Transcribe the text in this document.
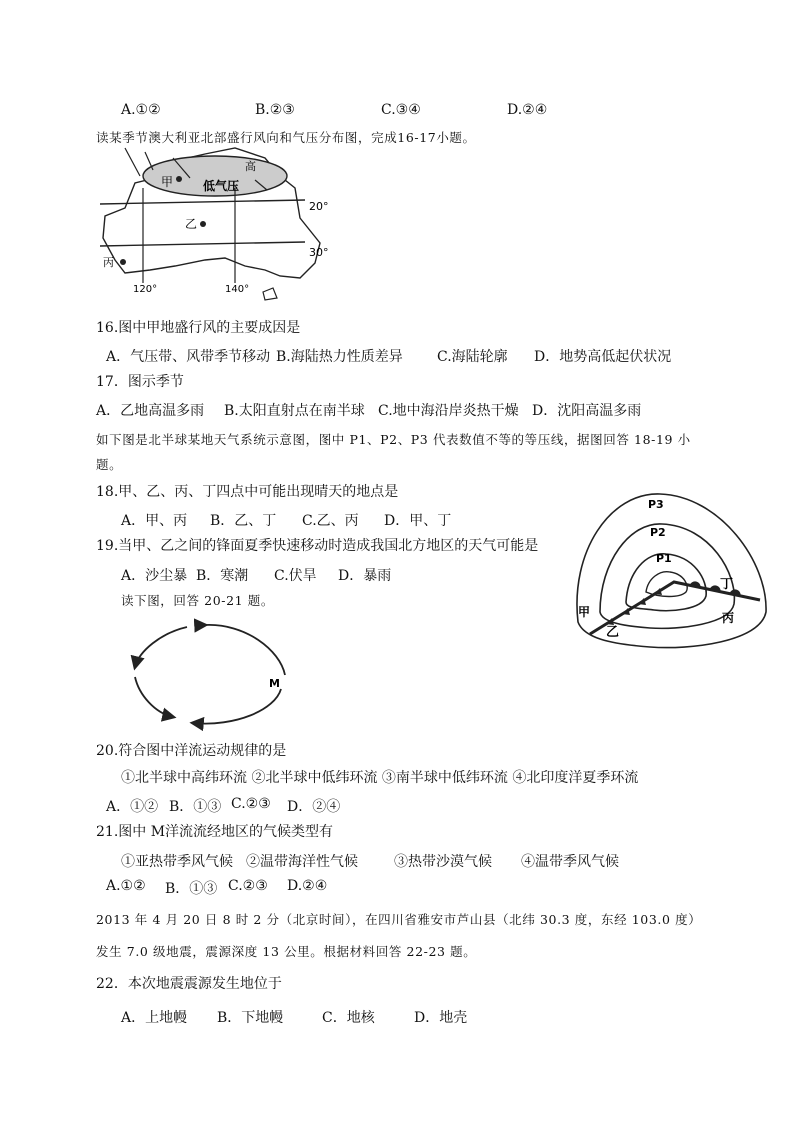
A.①②	B.②③	C.③④	D.②④
读某季节澳大利亚北部盛行风向和气压分布图，完成16-17小题。
甲 低气压
高
乙
丙
20°
30°
120°	140°
16.图中甲地盛行风的主要成因是
A．气压带、风带季节移动 B.海陆热力性质差异 C.海陆轮廓 D．地势高低起伏状况
17．图示季节
A．乙地高温多雨 B.太阳直射点在南半球 C.地中海沿岸炎热干燥 D．沈阳高温多雨
如下图是北半球某地天气系统示意图，图中 P1、P2、P3 代表数值不等的等压线，据图回答 18-19 小
题。
18.甲、乙、丙、丁四点中可能出现晴天的地点是
A．甲、丙 B．乙、丁 C.乙、丙 D．甲、丁
19.当甲、乙之间的锋面夏季快速移动时造成我国北方地区的天气可能是
A．沙尘暴 B．寒潮 C.伏旱 D．暴雨
P3
P2
P1
丁
甲
乙
丙
读下图，回答 20-21 题。
M
20.符合图中洋流运动规律的是
①北半球中高纬环流 ②北半球中低纬环流 ③南半球中低纬环流 ④北印度洋夏季环流
A．①② B．①③ C.②③ D．②④
21.图中 M洋流流经地区的气候类型有
①亚热带季风气候 ②温带海洋性气候	③热带沙漠气候 ④温带季风气候
A.①② B．①③ C.②③ D.②④
2013 年 4 月 20 日 8 时 2 分（北京时间），在四川省雅安市芦山县（北纬 30.3 度，东经 103.0 度）
发生 7.0 级地震，震源深度 13 公里。根据材料回答 22-23 题。
22．本次地震震源发生地位于
A．上地幔 B．下地幔	C．地核	D．地壳
